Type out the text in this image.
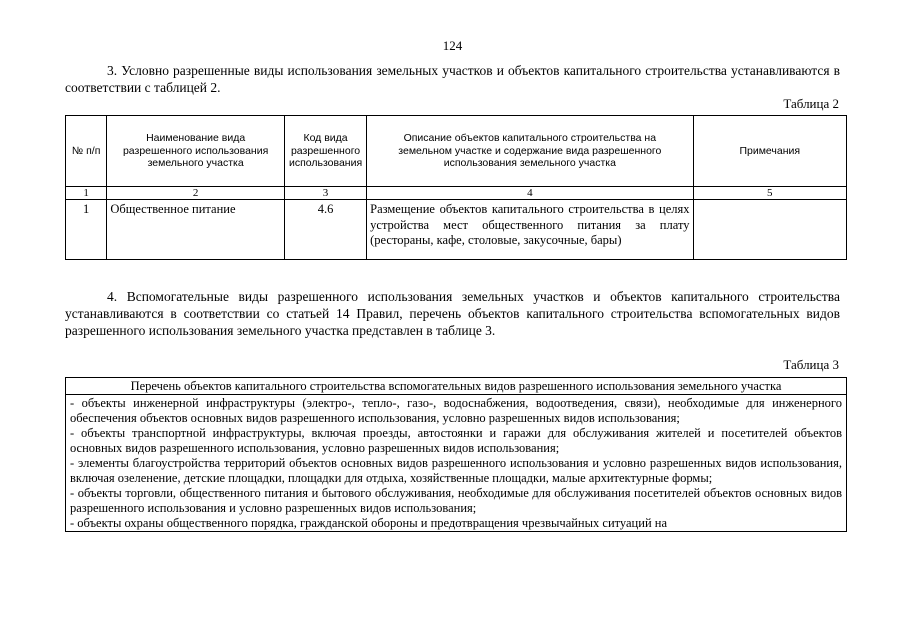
124

3. Условно разрешенные виды использования земельных участков и объектов капитального строительства устанавливаются в соответствии с таблицей 2.

Таблица 2
№ п/п	Наименование вида разрешенного использования земельного участка	Код вида разрешенного использования	Описание объектов капитального строительства на земельном участке и содержание вида разрешенного использования земельного участка	Примечания
1	2	3	4	5
1	Общественное питание	4.6	Размещение объектов капитального строительства в целях устройства мест общественного питания за плату (рестораны, кафе, столовые, закусочные, бары)	

4. Вспомогательные виды разрешенного использования земельных участков и объектов капитального строительства устанавливаются в соответствии со статьей 14 Правил, перечень объектов капитального строительства вспомогательных видов разрешенного использования земельного участка представлен в таблице 3.

Таблица 3
Перечень объектов капитального строительства вспомогательных видов разрешенного использования земельного участка

- объекты инженерной инфраструктуры (электро-, тепло-, газо-, водоснабжения, водоотведения, связи), необходимые для инженерного обеспечения объектов основных видов разрешенного использования, условно разрешенных видов использования;
- объекты транспортной инфраструктуры, включая проезды, автостоянки и гаражи для обслуживания жителей и посетителей объектов основных видов разрешенного использования, условно разрешенных видов использования;
- элементы благоустройства территорий объектов основных видов разрешенного использования и условно разрешенных видов использования, включая озеленение, детские площадки, площадки для отдыха, хозяйственные площадки, малые архитектурные формы;
- объекты торговли, общественного питания и бытового обслуживания, необходимые для обслуживания посетителей объектов основных видов разрешенного использования и условно разрешенных видов использования;
- объекты охраны общественного порядка, гражданской обороны и предотвращения чрезвычайных ситуаций на
